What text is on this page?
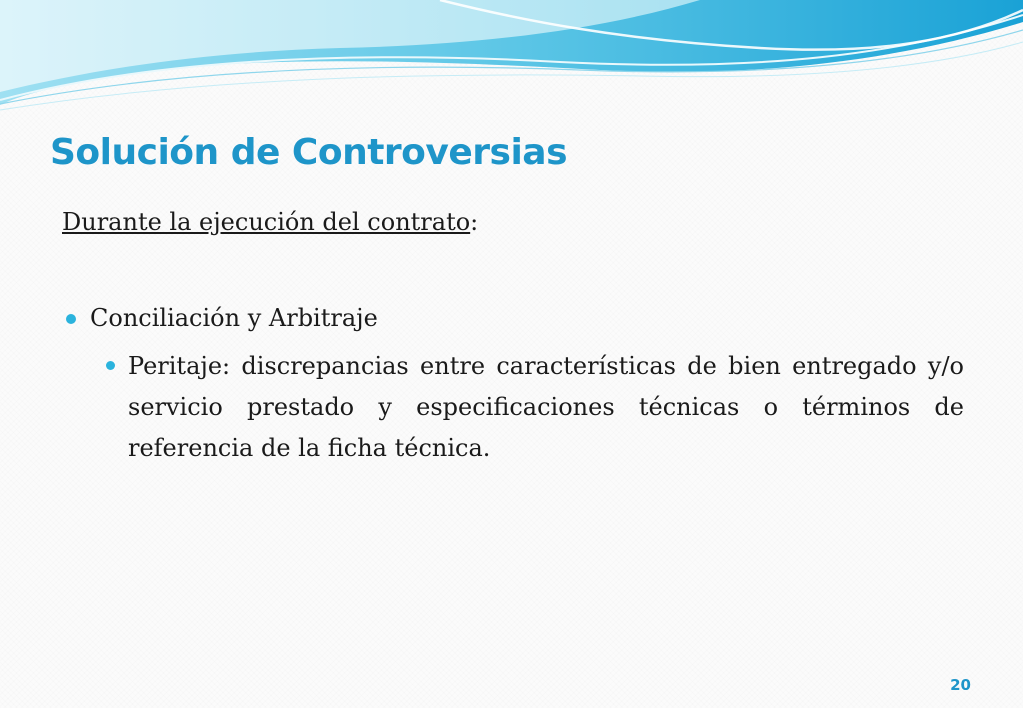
Solución de Controversias

Durante la ejecución del contrato:

Conciliación y Arbitraje
Peritaje: discrepancias entre características de bien entregado y/o servicio prestado y especificaciones técnicas o términos de referencia de la ficha técnica.
20
